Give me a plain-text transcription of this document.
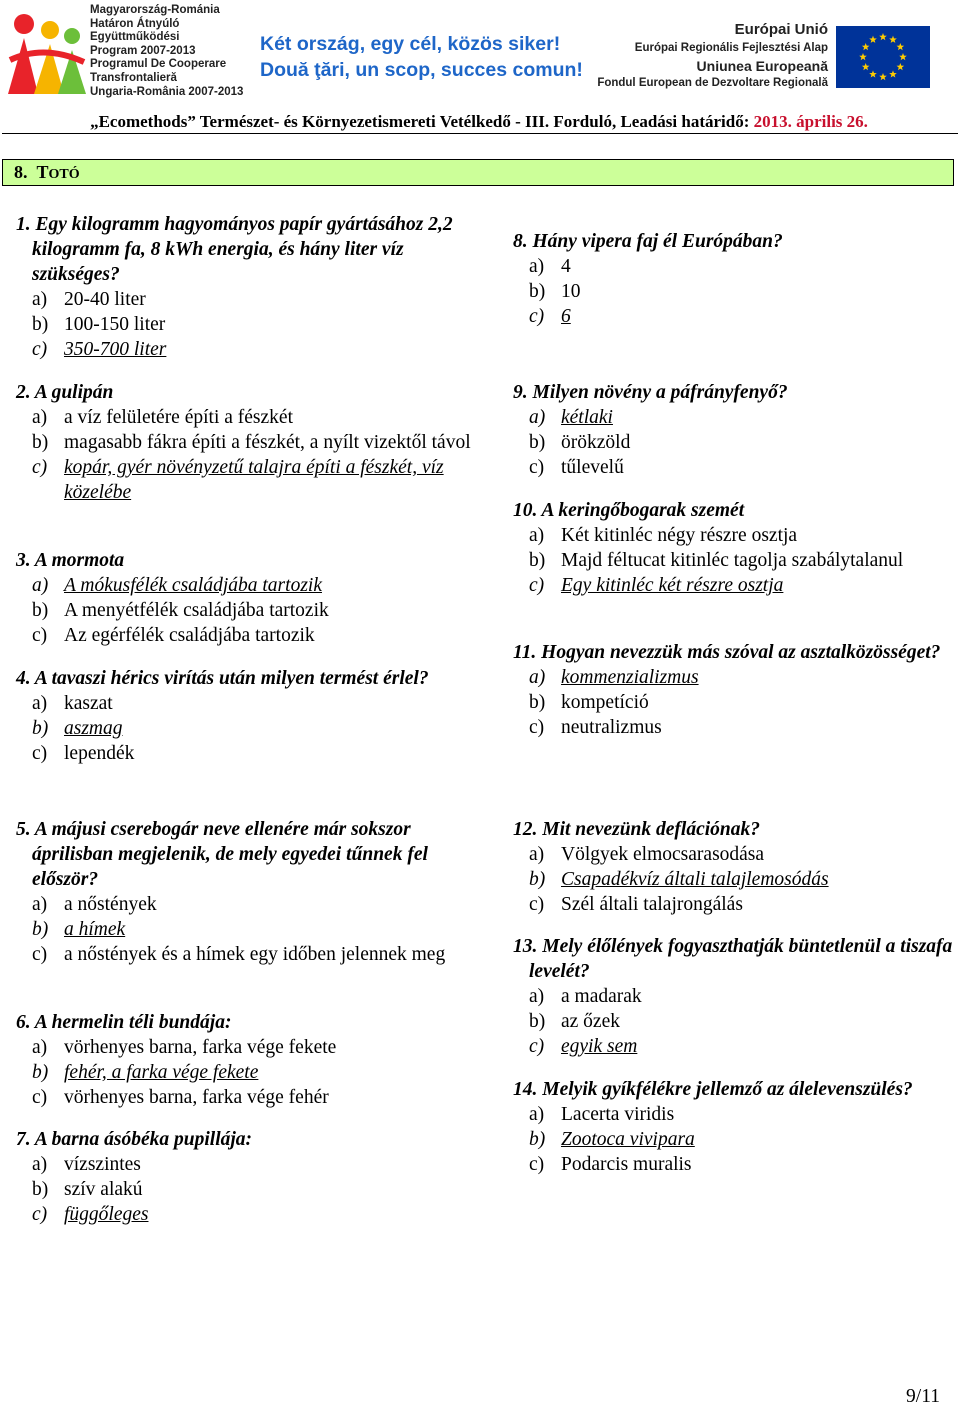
Magyarország-Románia
Határon Átnyúló Együttműködési
Program 2007-2013
Programul De Cooperare
Transfrontalieră
Ungaria-România 2007-2013
Két ország, egy cél, közös siker!
Două ţări, un scop, succes comun!
Európai Unió
Európai Regionális Fejlesztési Alap
Uniunea Europeană
Fondul European de Dezvoltare Regională
„Ecomethods” Természet- és Környezetismereti Vetélkedő - III. Forduló, Leadási határidő: 2013. április 26.
8. TOTÓ
1. Egy kilogramm hagyományos papír gyártásához 2,2 kilogramm fa, 8 kWh energia, és hány liter víz szükséges?
a) 20-40 liter
b) 100-150 liter
c) 350-700 liter
2. A gulipán
a) a víz felületére építi a fészkét
b) magasabb fákra építi a fészkét, a nyílt vizektől távol
c) kopár, gyér növényzetű talajra építi a fészkét, víz közelébe
3. A mormota
a) A mókusfélék családjába tartozik
b) A menyétfélék családjába tartozik
c) Az egérfélék családjába tartozik
4. A tavaszi hérics virítás után milyen termést érlel?
a) kaszat
b) aszmag
c) lependék
5. A májusi cserebogár neve ellenére már sokszor áprilisban megjelenik, de mely egyedei tűnnek fel először?
a) a nőstények
b) a hímek
c) a nőstények és a hímek egy időben jelennek meg
6. A hermelin téli bundája:
a) vörhenyes barna, farka vége fekete
b) fehér, a farka vége fekete
c) vörhenyes barna, farka vége fehér
7. A barna ásóbéka pupillája:
a) vízszintes
b) szív alakú
c) függőleges
8. Hány vipera faj él Európában?
a) 4
b) 10
c) 6
9. Milyen növény a páfrányfenyő?
a) kétlaki
b) örökzöld
c) tűlevelű
10. A keringőbogarak szemét
a) Két kitinléc négy részre osztja
b) Majd féltucat kitinléc tagolja szabálytalanul
c) Egy kitinléc két részre osztja
11. Hogyan nevezzük más szóval az asztalközösséget?
a) kommenzializmus
b) kompetíció
c) neutralizmus
12. Mit nevezünk deflációnak?
a) Völgyek elmocsarasodása
b) Csapadékvíz általi talajlemosódás
c) Szél általi talajrongálás
13. Mely élőlények fogyaszthatják büntetlenül a tiszafa levelét?
a) a madarak
b) az őzek
c) egyik sem
14. Melyik gyíkfélékre jellemző az álelevenszülés?
a) Lacerta viridis
b) Zootoca vivipara
c) Podarcis muralis
9/11
